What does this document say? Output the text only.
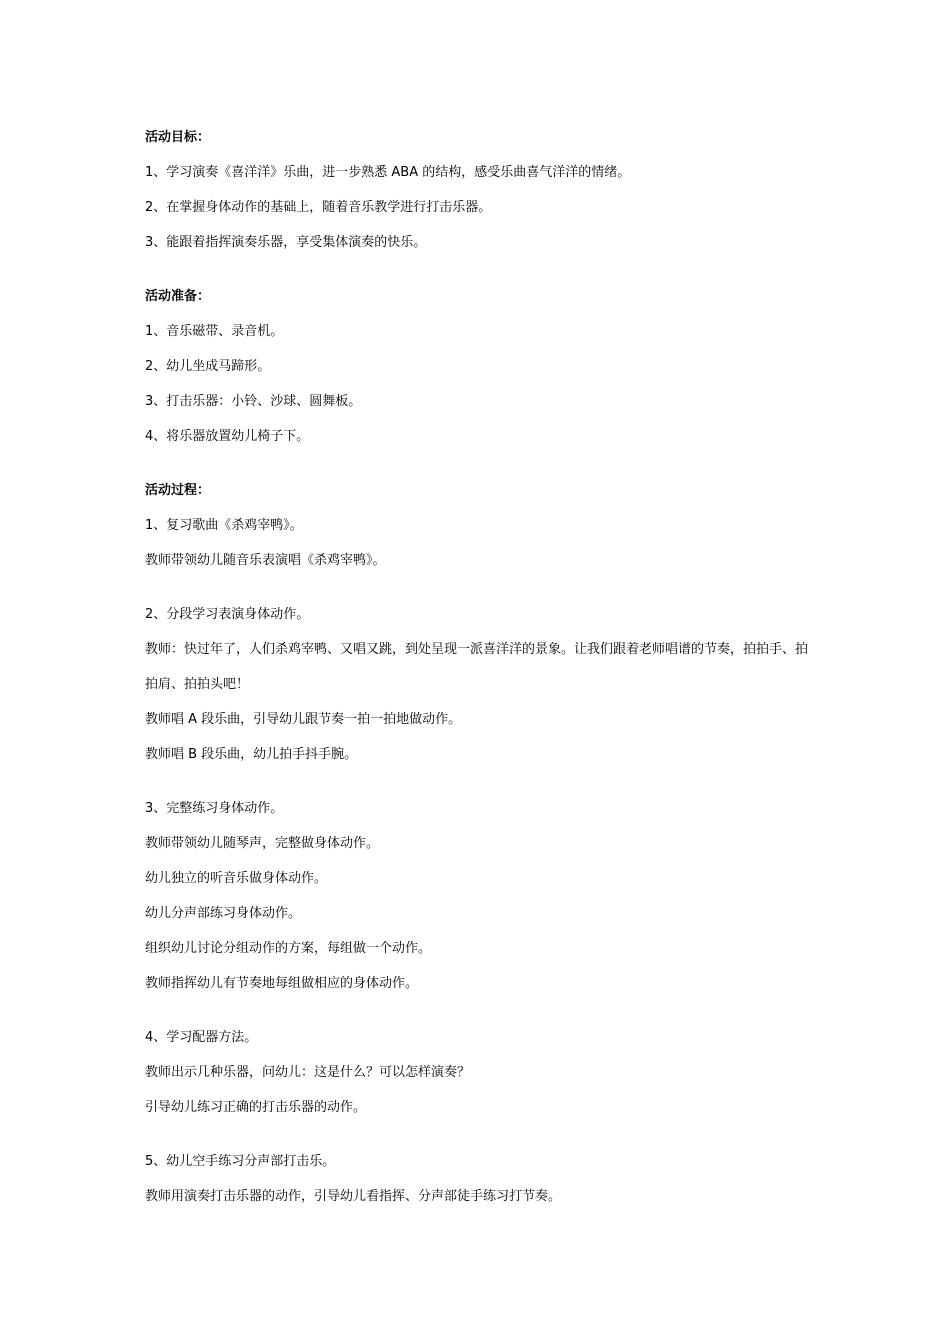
活动目标：
1、学习演奏《喜洋洋》乐曲，进一步熟悉 ABA 的结构，感受乐曲喜气洋洋的情绪。
2、在掌握身体动作的基础上，随着音乐教学进行打击乐器。
3、能跟着指挥演奏乐器，享受集体演奏的快乐。
活动准备：
1、音乐磁带、录音机。
2、幼儿坐成马蹄形。
3、打击乐器：小铃、沙球、圆舞板。
4、将乐器放置幼儿椅子下。
活动过程：
1、复习歌曲《杀鸡宰鸭》。
教师带领幼儿随音乐表演唱《杀鸡宰鸭》。
2、分段学习表演身体动作。
教师：快过年了，人们杀鸡宰鸭、又唱又跳，到处呈现一派喜洋洋的景象。让我们跟着老师唱谱的节奏，拍拍手、拍拍肩、拍拍头吧！
教师唱 A 段乐曲，引导幼儿跟节奏一拍一拍地做动作。
教师唱 B 段乐曲，幼儿拍手抖手腕。
3、完整练习身体动作。
教师带领幼儿随琴声，完整做身体动作。
幼儿独立的听音乐做身体动作。
幼儿分声部练习身体动作。
组织幼儿讨论分组动作的方案，每组做一个动作。
教师指挥幼儿有节奏地每组做相应的身体动作。
4、学习配器方法。
教师出示几种乐器，问幼儿：这是什么？可以怎样演奏？
引导幼儿练习正确的打击乐器的动作。
5、幼儿空手练习分声部打击乐。
教师用演奏打击乐器的动作，引导幼儿看指挥、分声部徒手练习打节奏。
